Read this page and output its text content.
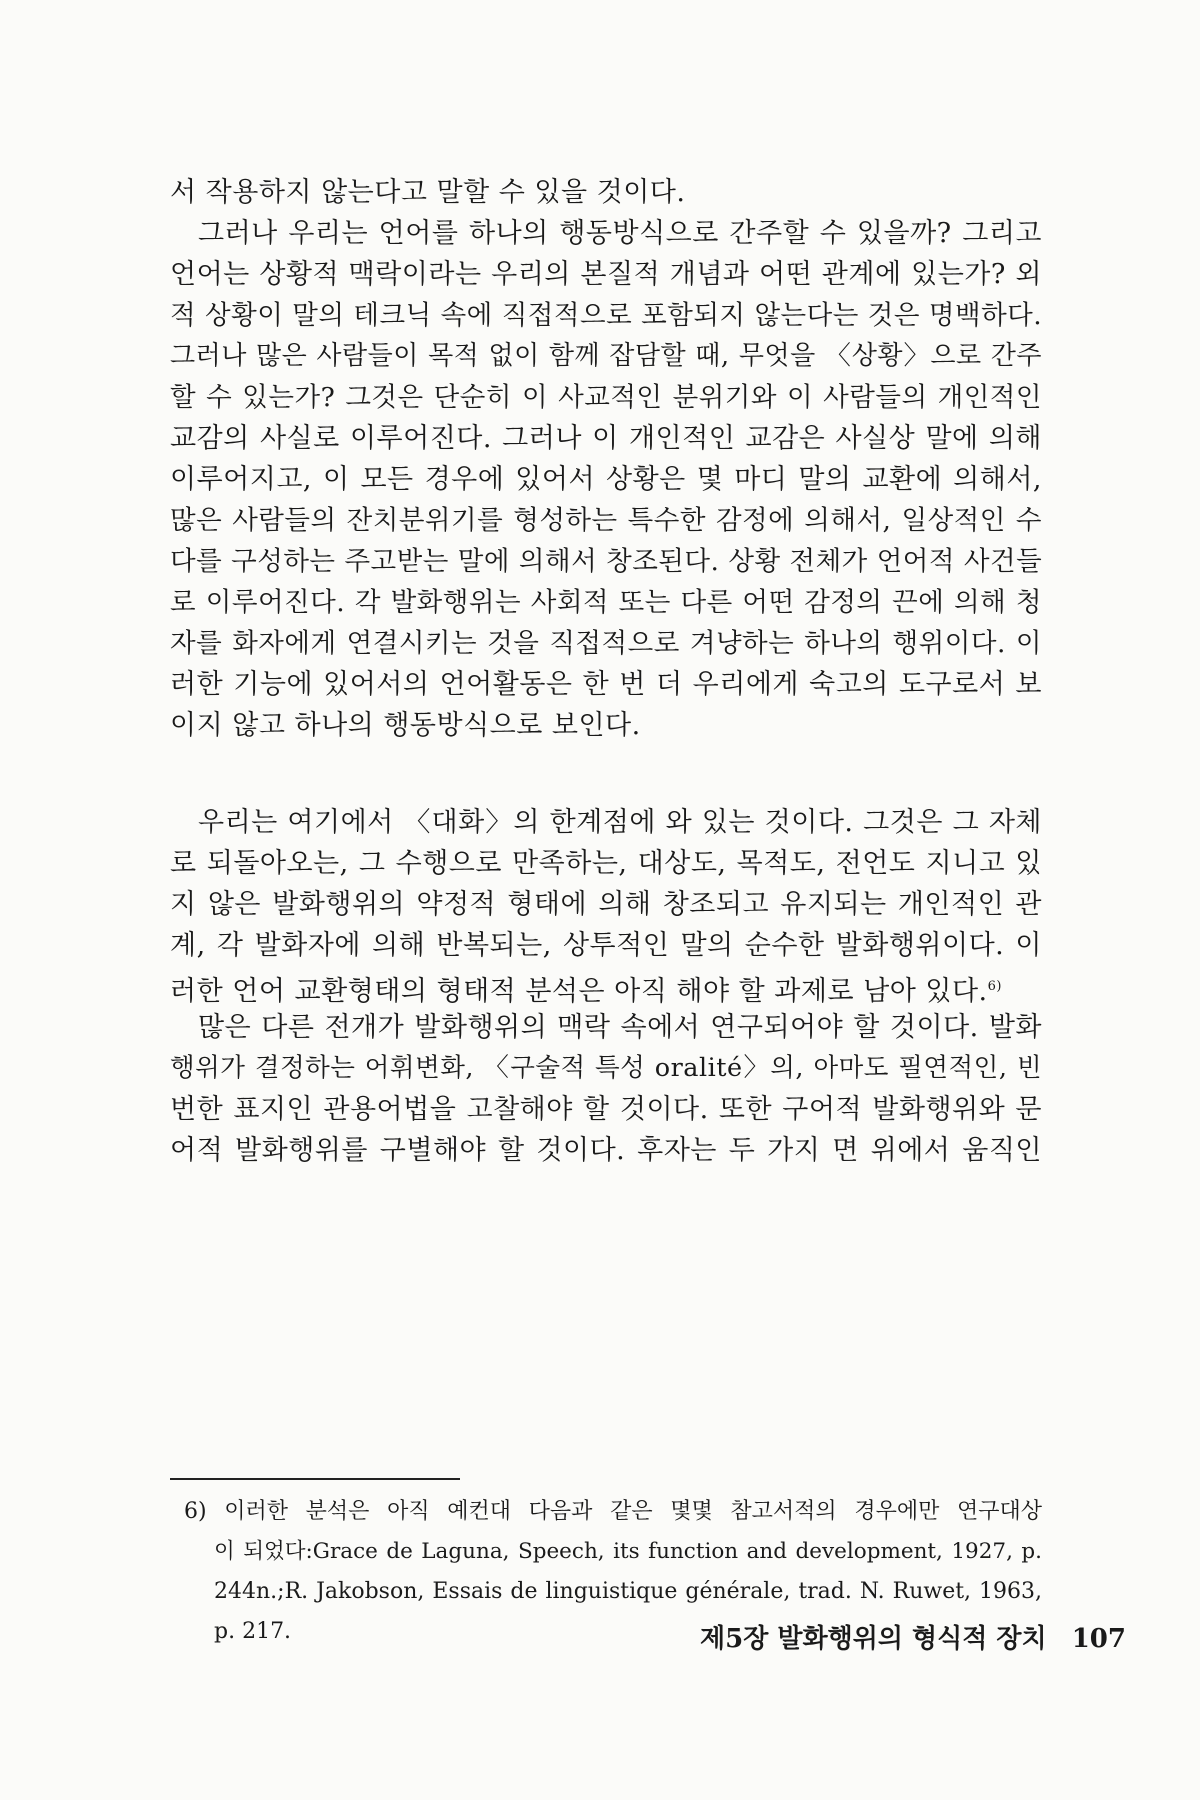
서 작용하지 않는다고 말할 수 있을 것이다.
그러나 우리는 언어를 하나의 행동방식으로 간주할 수 있을까? 그리고
언어는 상황적 맥락이라는 우리의 본질적 개념과 어떤 관계에 있는가? 외
적 상황이 말의 테크닉 속에 직접적으로 포함되지 않는다는 것은 명백하다.
그러나 많은 사람들이 목적 없이 함께 잡담할 때, 무엇을 〈상황〉으로 간주
할 수 있는가? 그것은 단순히 이 사교적인 분위기와 이 사람들의 개인적인
교감의 사실로 이루어진다. 그러나 이 개인적인 교감은 사실상 말에 의해
이루어지고, 이 모든 경우에 있어서 상황은 몇 마디 말의 교환에 의해서,
많은 사람들의 잔치분위기를 형성하는 특수한 감정에 의해서, 일상적인 수
다를 구성하는 주고받는 말에 의해서 창조된다. 상황 전체가 언어적 사건들
로 이루어진다. 각 발화행위는 사회적 또는 다른 어떤 감정의 끈에 의해 청
자를 화자에게 연결시키는 것을 직접적으로 겨냥하는 하나의 행위이다. 이
러한 기능에 있어서의 언어활동은 한 번 더 우리에게 숙고의 도구로서 보
이지 않고 하나의 행동방식으로 보인다.
우리는 여기에서 〈대화〉의 한계점에 와 있는 것이다. 그것은 그 자체
로 되돌아오는, 그 수행으로 만족하는, 대상도, 목적도, 전언도 지니고 있
지 않은 발화행위의 약정적 형태에 의해 창조되고 유지되는 개인적인 관
계, 각 발화자에 의해 반복되는, 상투적인 말의 순수한 발화행위이다. 이
러한 언어 교환형태의 형태적 분석은 아직 해야 할 과제로 남아 있다.$^{6)}$
많은 다른 전개가 발화행위의 맥락 속에서 연구되어야 할 것이다. 발화
행위가 결정하는 어휘변화, 〈구술적 특성 oralité〉의, 아마도 필연적인, 빈
번한 표지인 관용어법을 고찰해야 할 것이다. 또한 구어적 발화행위와 문
어적 발화행위를 구별해야 할 것이다. 후자는 두 가지 면 위에서 움직인
6) 이러한 분석은 아직 예컨대 다음과 같은 몇몇 참고서적의 경우에만 연구대상
이 되었다:Grace de Laguna, Speech, its function and development, 1927, p.
244n.;R. Jakobson, Essais de linguistique générale, trad. N. Ruwet, 1963,
p. 217.	제5장 발화행위의 형식적 장치 107
